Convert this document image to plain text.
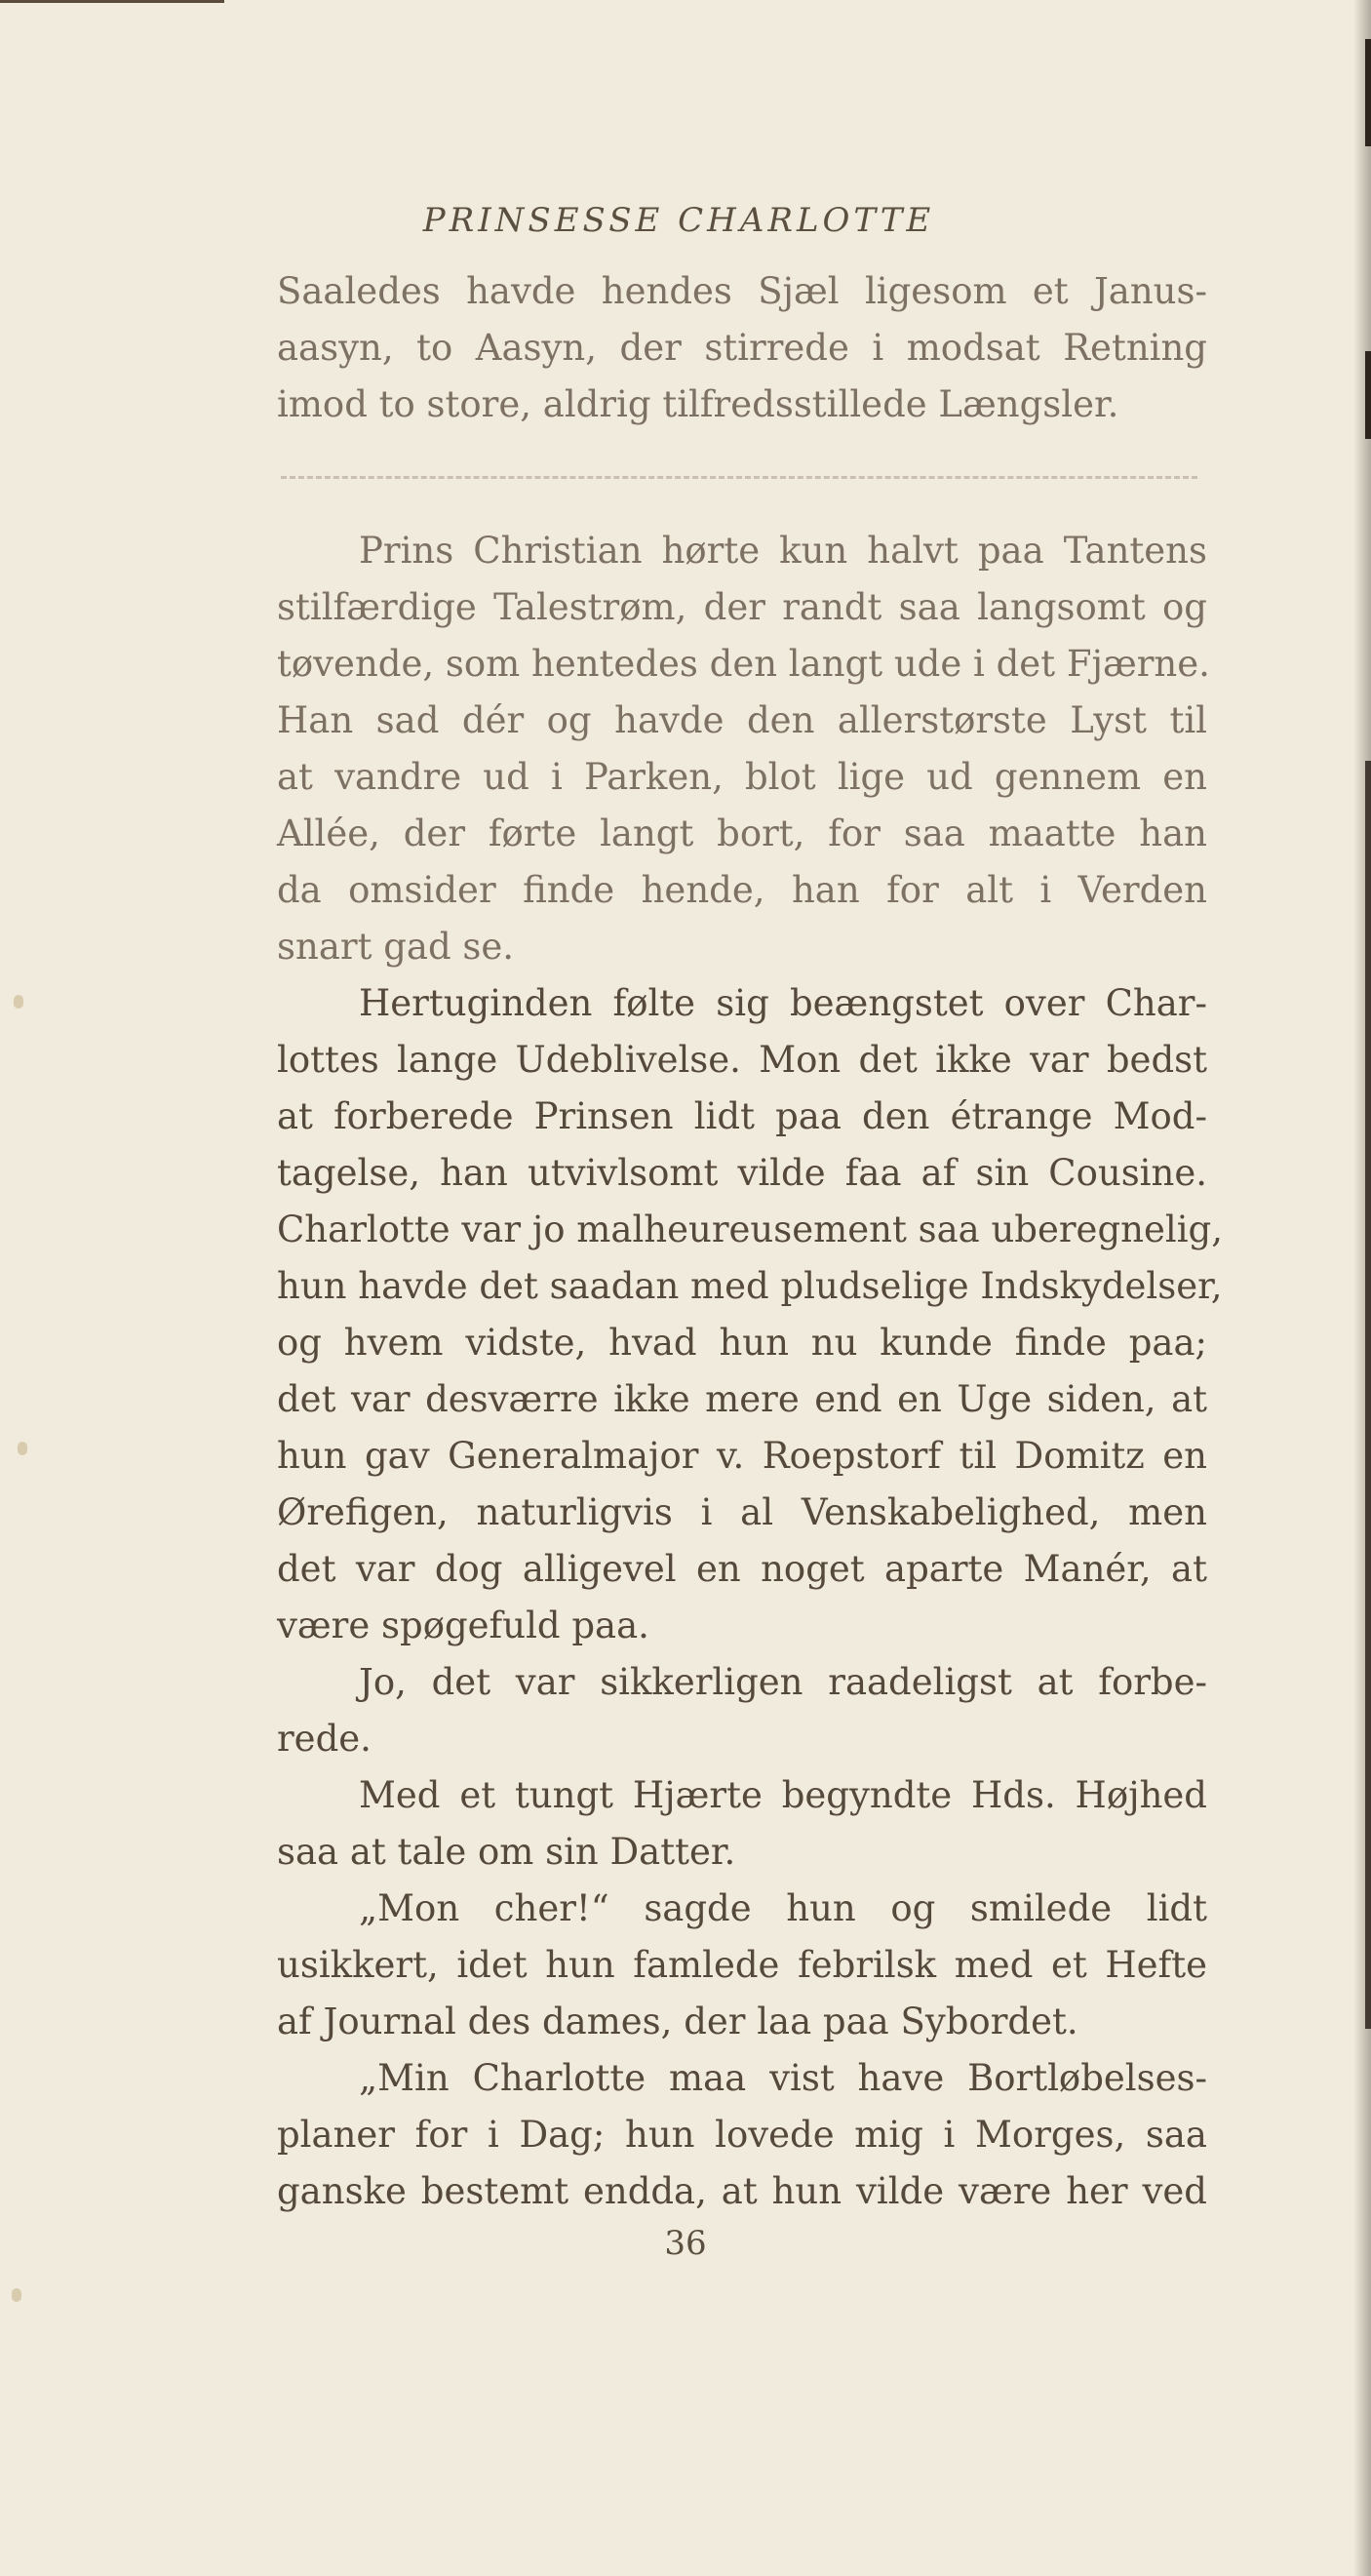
PRINSESSE CHARLOTTE
Saaledes havde hendes Sjæl ligesom et Janus-
aasyn, to Aasyn, der stirrede i modsat Retning
imod to store, aldrig tilfredsstillede Længsler.
Prins Christian hørte kun halvt paa Tantens
stilfærdige Talestrøm, der randt saa langsomt og
tøvende, som hentedes den langt ude i det Fjærne.
Han sad dér og havde den allerstørste Lyst til
at vandre ud i Parken, blot lige ud gennem en
Allée, der førte langt bort, for saa maatte han
da omsider finde hende, han for alt i Verden
snart gad se.
Hertuginden følte sig beængstet over Char-
lottes lange Udeblivelse. Mon det ikke var bedst
at forberede Prinsen lidt paa den étrange Mod-
tagelse, han utvivlsomt vilde faa af sin Cousine.
Charlotte var jo malheureusement saa uberegnelig,
hun havde det saadan med pludselige Indskydelser,
og hvem vidste, hvad hun nu kunde finde paa;
det var desværre ikke mere end en Uge siden, at
hun gav Generalmajor v. Roepstorf til Domitz en
Ørefigen, naturligvis i al Venskabelighed, men
det var dog alligevel en noget aparte Manér, at
være spøgefuld paa.
Jo, det var sikkerligen raadeligst at forbe-
rede.
Med et tungt Hjærte begyndte Hds. Højhed
saa at tale om sin Datter.
„Mon cher!“ sagde hun og smilede lidt
usikkert, idet hun famlede febrilsk med et Hefte
af Journal des dames, der laa paa Sybordet.
„Min Charlotte maa vist have Bortløbelses-
planer for i Dag; hun lovede mig i Morges, saa
ganske bestemt endda, at hun vilde være her ved
36
